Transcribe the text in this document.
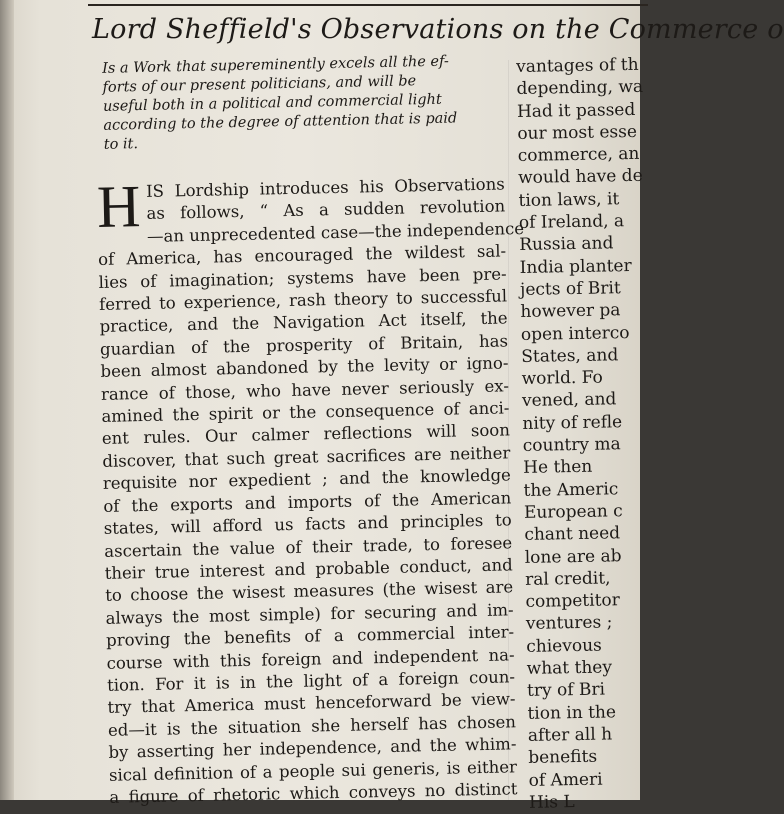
Lord Sheffield's Observations on the Commerce o
Is a Work that supereminently excels all the ef-
forts of our present politicians, and will be
useful both in a political and commercial light
according to the degree of attention that is paid
to it.
H IS Lordship introduces his Observations
as follows, “ As a sudden revolution
—an unprecedented case—the independence
of America, has encouraged the wildest sal-
lies of imagination; systems have been pre-
ferred to experience, rash theory to successful
practice, and the Navigation Act itself, the
guardian of the prosperity of Britain, has
been almost abandoned by the levity or igno-
rance of those, who have never seriously ex-
amined the spirit or the consequence of anci-
ent rules. Our calmer reflections will soon
discover, that such great sacrifices are neither
requisite nor expedient ; and the knowledge
of the exports and imports of the American
states, will afford us facts and principles to
ascertain the value of their trade, to foresee
their true interest and probable conduct, and
to choose the wisest measures (the wisest are
always the most simple) for securing and im-
proving the benefits of a commercial inter-
course with this foreign and independent na-
tion. For it is in the light of a foreign coun-
try that America must henceforward be view-
ed—it is the situation she herself has chosen
by asserting her independence, and the whim-
sical definition of a people sui generis, is either
a figure of rhetoric which conveys no distinct
vantages of th
depending, wa
Had it passed
our most esse
commerce, an
would have de
tion laws, it
of Ireland, a
Russia and
India planter
jects of Brit
however pa
open interco
States, and
world. Fo
vened, and
nity of refle
country ma
He then
the Americ
European c
chant need
lone are ab
ral credit,
competitor
ventures ;
chievous
what they
try of Bri
tion in the
after all h
benefits
of Ameri
His L
